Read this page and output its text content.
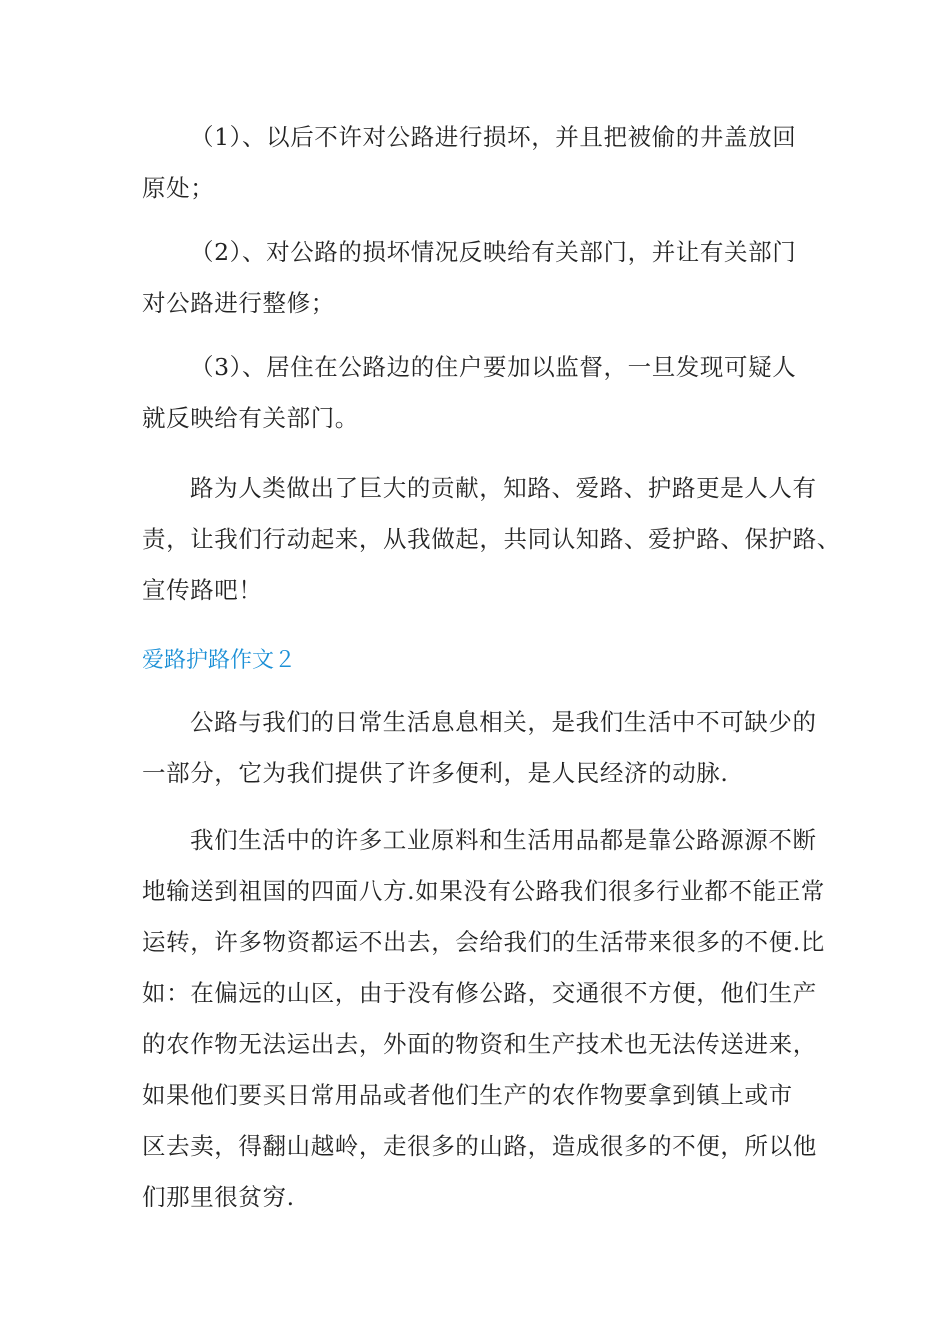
（1）、以后不许对公路进行损坏，并且把被偷的井盖放回
原处；

（2）、对公路的损坏情况反映给有关部门，并让有关部门
对公路进行整修；

（3）、居住在公路边的住户要加以监督，一旦发现可疑人
就反映给有关部门。

路为人类做出了巨大的贡献，知路、爱路、护路更是人人有
责，让我们行动起来，从我做起，共同认知路、爱护路、保护路、
宣传路吧！

爱路护路作文２

公路与我们的日常生活息息相关，是我们生活中不可缺少的
一部分，它为我们提供了许多便利，是人民经济的动脉.

我们生活中的许多工业原料和生活用品都是靠公路源源不断
地输送到祖国的四面八方.如果没有公路我们很多行业都不能正常
运转，许多物资都运不出去，会给我们的生活带来很多的不便.比
如：在偏远的山区，由于没有修公路，交通很不方便，他们生产
的农作物无法运出去，外面的物资和生产技术也无法传送进来，
如果他们要买日常用品或者他们生产的农作物要拿到镇上或市
区去卖，得翻山越岭，走很多的山路，造成很多的不便，所以他
们那里很贫穷.
